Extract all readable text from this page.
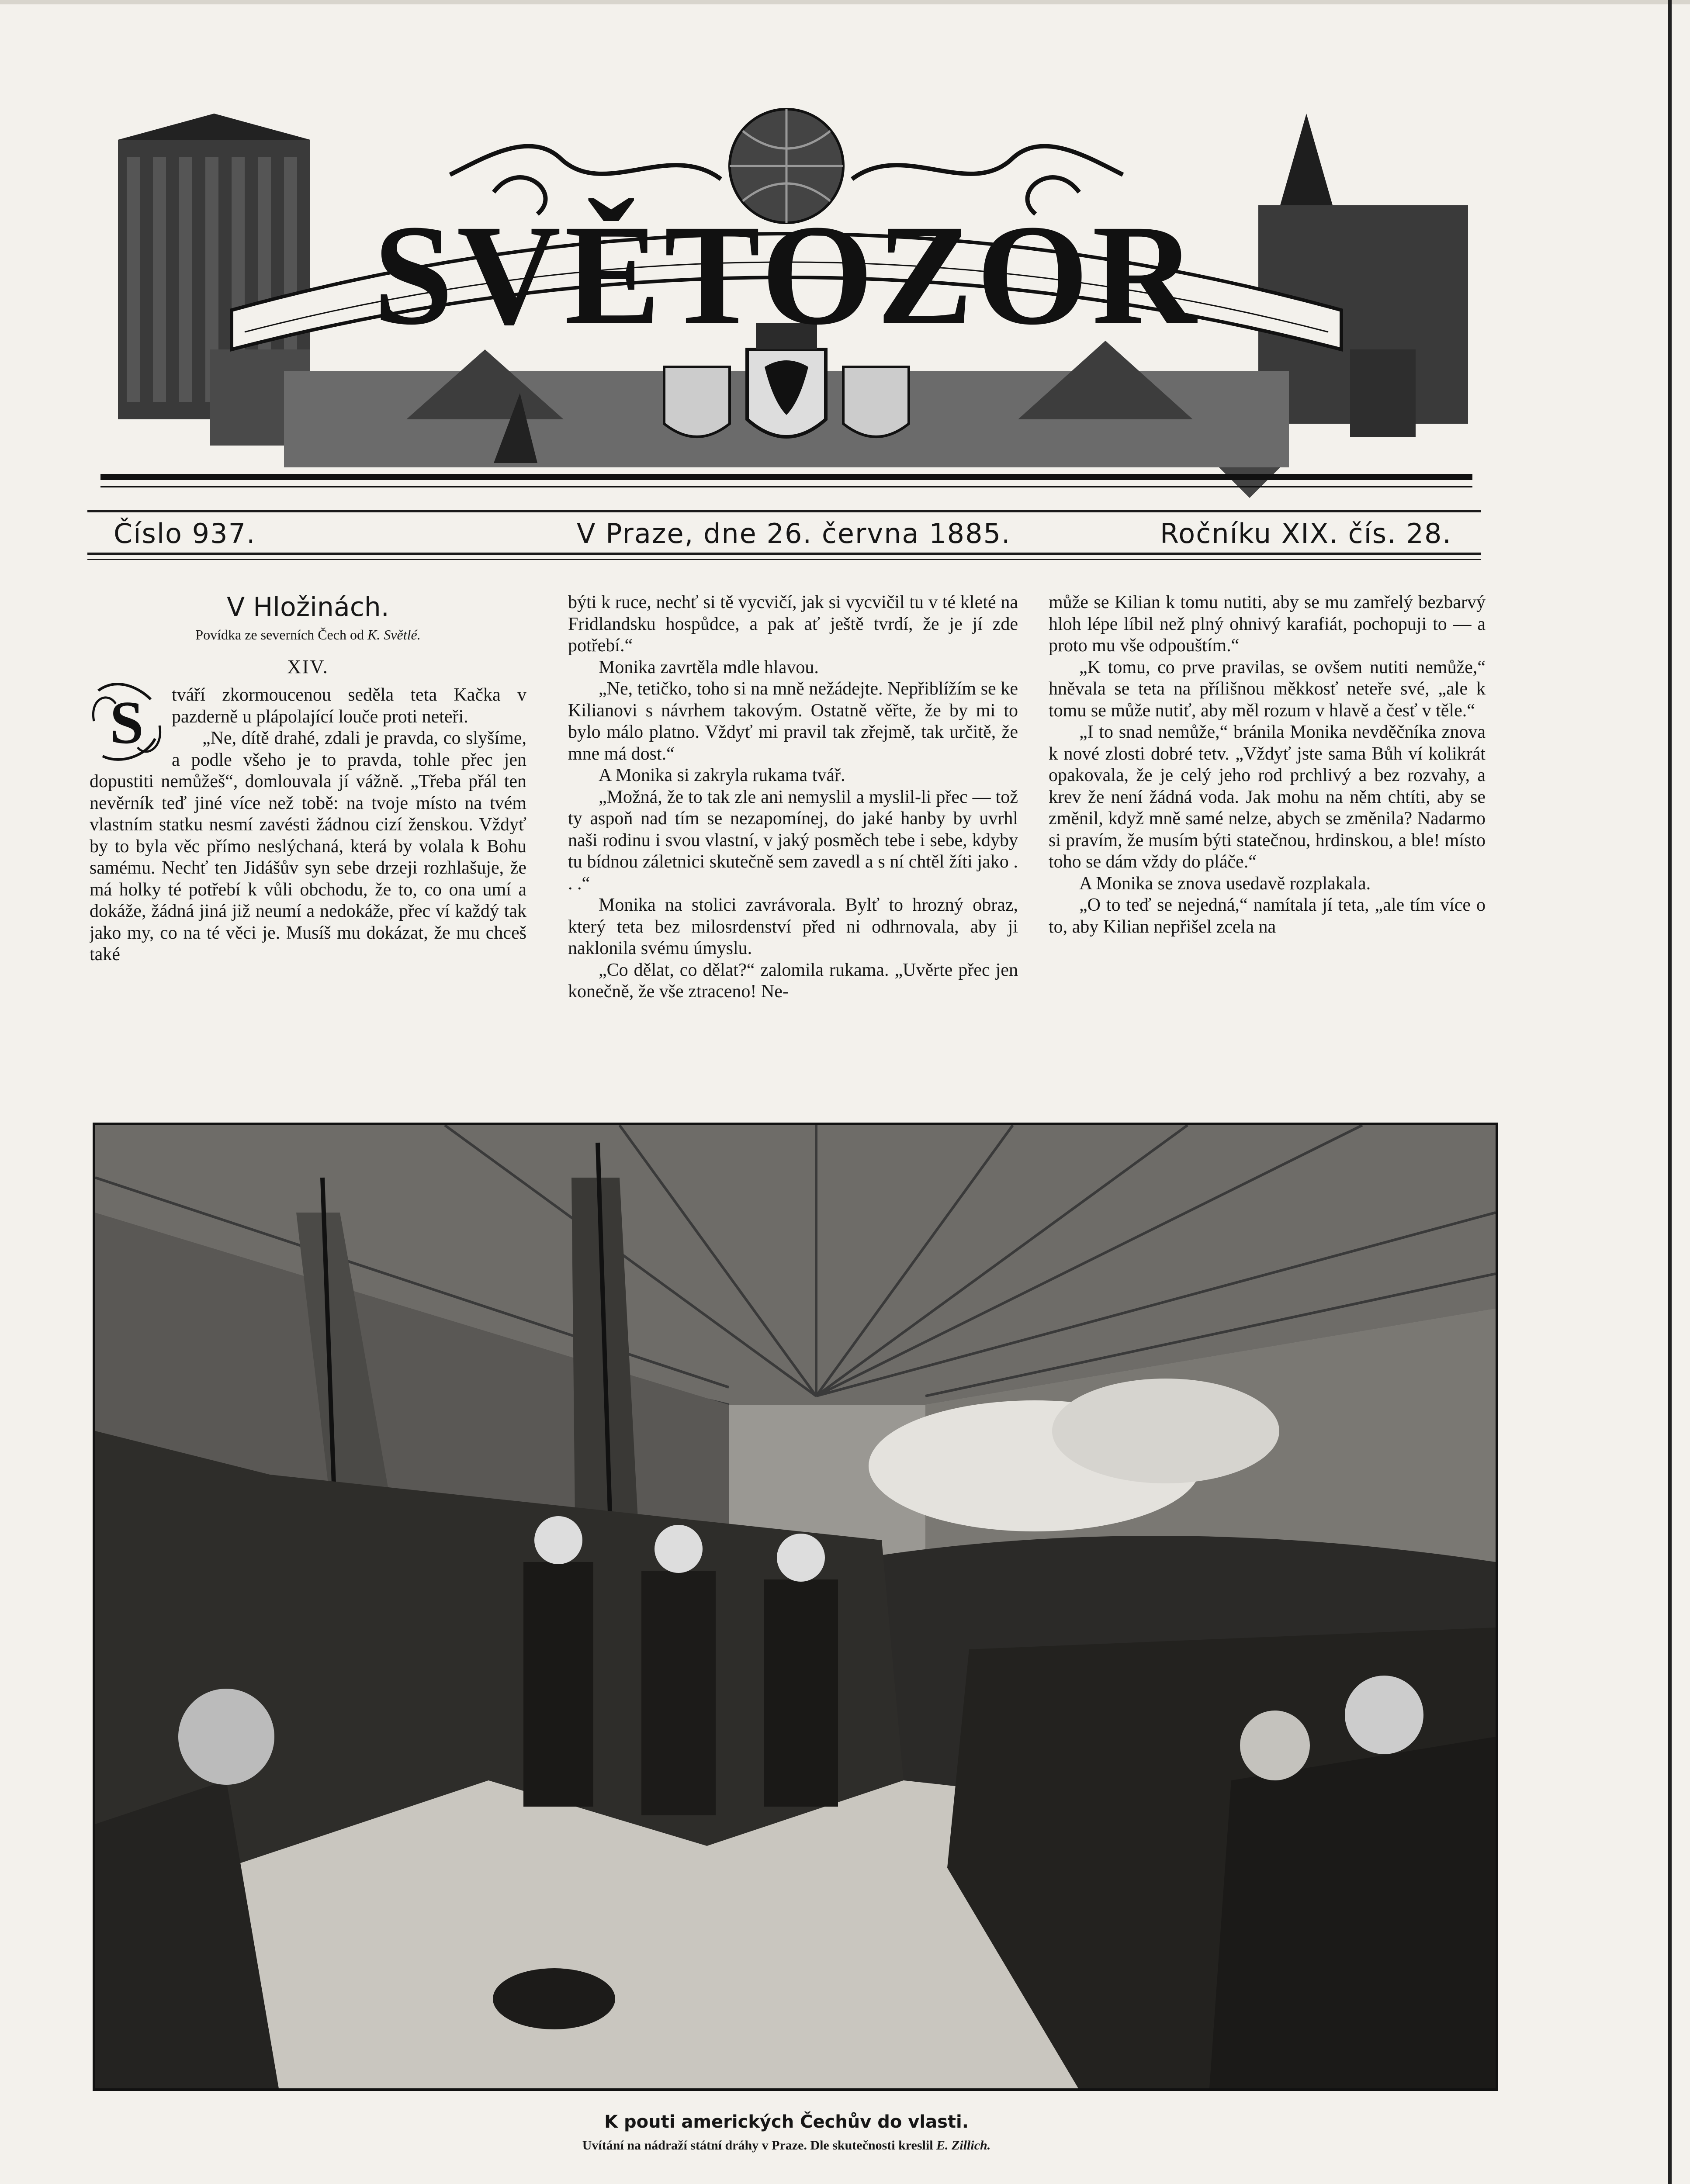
SVĚTOZOR
Číslo 937.	V Praze, dne 26. června 1885.	Ročníku XIX. čís. 28.
V Hložinách.
Povídka ze severních Čech od K. Světlé.
XIV.
S	tváří zkormoucenou seděla teta Kačka v pazderně u plápolající louče proti neteři.

„Ne, dítě drahé, zdali je pravda, co slyšíme, a podle všeho je to pravda, tohle přec jen dopustiti nemůžeš“, domlouvala jí vážně. „Třeba přál ten nevěrník teď jiné více než tobě: na tvoje místo na tvém vlastním statku nesmí zavésti žádnou cizí ženskou. Vždyť by to byla věc přímo neslýchaná, která by volala k Bohu samému. Nechť ten Jidášův syn sebe drzeji rozhlašuje, že má holky té potřebí k vůli obchodu, že to, co ona umí a dokáže, žádná jiná již neumí a nedokáže, přec ví každý tak jako my, co na té věci je. Musíš mu dokázat, že mu chceš také

býti k ruce, nechť si tě vycvičí, jak si vycvičil tu v té kleté na Fridlandsku hospůdce, a pak ať ještě tvrdí, že je jí zde potřebí.“

Monika zavrtěla mdle hlavou.

„Ne, tetičko, toho si na mně nežádejte. Nepřiblížím se ke Kilianovi s návrhem takovým. Ostatně věřte, že by mi to bylo málo platno. Vždyť mi pravil tak zřejmě, tak určitě, že mne má dost.“

A Monika si zakryla rukama tvář.

„Možná, že to tak zle ani nemyslil a myslil-li přec — tož ty aspoň nad tím se nezapomínej, do jaké hanby by uvrhl naši rodinu i svou vlastní, v jaký posměch tebe i sebe, kdyby tu bídnou záletnici skutečně sem zavedl a s ní chtěl žíti jako . . .“

Monika na stolici zavrávorala. Bylť to hrozný obraz, který teta bez milosrdenství před ni odhrnovala, aby ji naklonila svému úmyslu.

„Co dělat, co dělat?“ zalomila rukama. „Uvěrte přec jen konečně, že vše ztraceno! Ne-

může se Kilian k tomu nutiti, aby se mu zamřelý bezbarvý hloh lépe líbil než plný ohnivý karafiát, pochopuji to — a proto mu vše odpouštím.“

„K tomu, co prve pravilas, se ovšem nutiti nemůže,“ hněvala se teta na přílišnou měkkosť neteře své, „ale k tomu se může nutiť, aby měl rozum v hlavě a česť v těle.“

„I to snad nemůže,“ bránila Monika nevděčníka znova k nové zlosti dobré tetv. „Vždyť jste sama Bůh ví kolikrát opakovala, že je celý jeho rod prchlivý a bez rozvahy, a krev že není žádná voda. Jak mohu na něm chtíti, aby se změnil, když mně samé nelze, abych se změnila? Nadarmo si pravím, že musím býti statečnou, hrdinskou, a ble! místo toho se dám vždy do pláče.“

A Monika se znova usedavě rozplakala.

„O to teď se nejedná,“ namítala jí teta, „ale tím více o to, aby Kilian nepřišel zcela na

K pouti amerických Čechův do vlasti.
Uvítání na nádraží státní dráhy v Praze. Dle skutečnosti kreslil E. Zillich.
